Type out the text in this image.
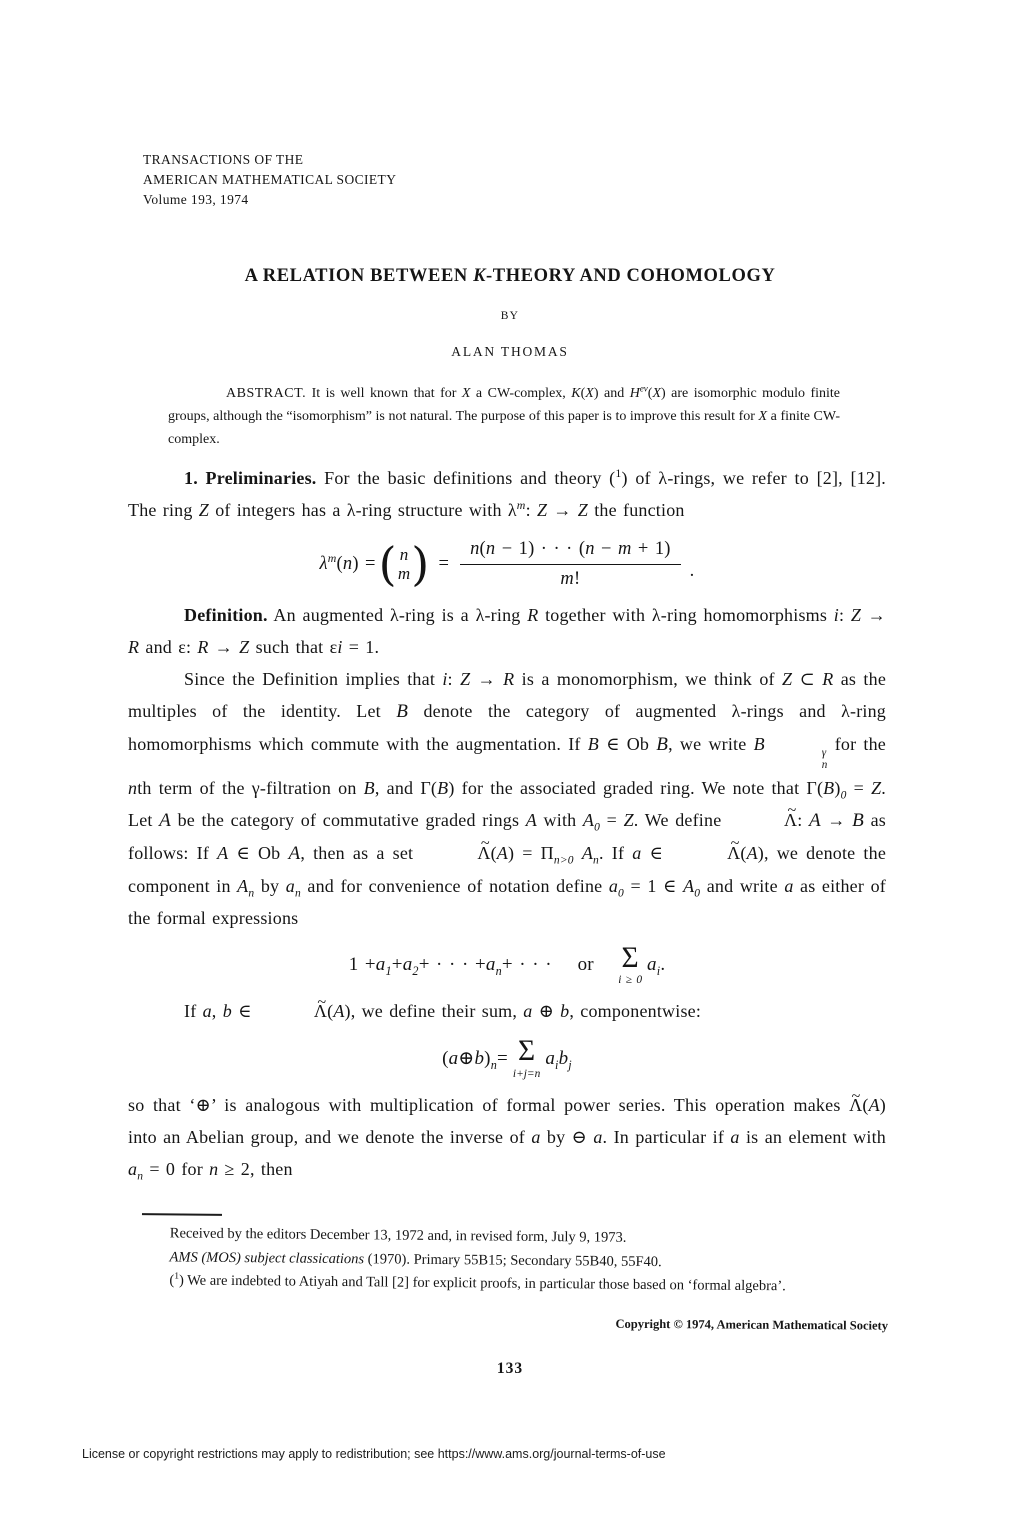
TRANSACTIONS OF THE
AMERICAN MATHEMATICAL SOCIETY
Volume 193, 1974
A RELATION BETWEEN K-THEORY AND COHOMOLOGY
BY
ALAN THOMAS
ABSTRACT. It is well known that for X a CW-complex, K(X) and $H^{ev}(X)$ are isomorphic modulo finite groups, although the “isomorphism” is not natural. The purpose of this paper is to improve this result for X a finite CW-complex.

1. Preliminaries. For the basic definitions and theory ($^1$) of λ-rings, we refer to [2], [12]. The ring Z of integers has a λ-ring structure with $\lambda^m$: Z → Z the function

$\lambda^m(n)$ = ( n
m ) = $\frac{n(n - 1) \cdot \cdot \cdot (n - m + 1)}{m!}$ .

Definition. An augmented λ-ring is a λ-ring R together with λ-ring homomorphisms i: Z → R and ε: R → Z such that εi = 1.

Since the Definition implies that i: Z → R is a monomorphism, we think of Z ⊂ R as the multiples of the identity. Let B denote the category of augmented λ-rings and λ-ring homomorphisms which commute with the augmentation. If B ∈ Ob B, we write B	γ
n
for the nth term of the γ-filtration on B, and Γ(B) for the associated graded ring. We note that $\Gamma(B)_0 = Z$. Let A be the category of commutative graded rings A with $A_0 = Z$. We define	~ Λ: A → B as follows: If A ∈ Ob A, then as a set	~ $\Lambda(A) = \Pi_{n>0}$ $A_n$. If a ∈	~ Λ(A), we denote the component in $A_n$ by $a_n$ and for convenience of notation define $a_0 = 1$ ∈ $A_0$ and write a as either of the formal expressions

$1 + a_1 + a_2$ + · · · + $a_n$ + · · ·   or   Σ
i ≥ 0
$a_i$ .

If a, b ∈	~ Λ(A), we define their sum, a ⊕ b, componentwise:

( a ⊕ b )$_n = \Sigma$
i+j=n
$a_i$ $b_j$

so that ‘⊕’ is analogous with multiplication of formal power series. This operation makes ~ Λ(A) into an Abelian group, and we denote the inverse of a by ⊖ a. In particular if a is an element with $a_n = 0$ for n ≥ 2, then

Received by the editors December 13, 1972 and, in revised form, July 9, 1973.

AMS (MOS) subject classications (1970). Primary 55B15; Secondary 55B40, 55F40.

($^1$) We are indebted to Atiyah and Tall [2] for explicit proofs, in particular those based on ‘formal algebra’.

Copyright © 1974, American Mathematical Society
133
License or copyright restrictions may apply to redistribution; see https://www.ams.org/journal-terms-of-use
